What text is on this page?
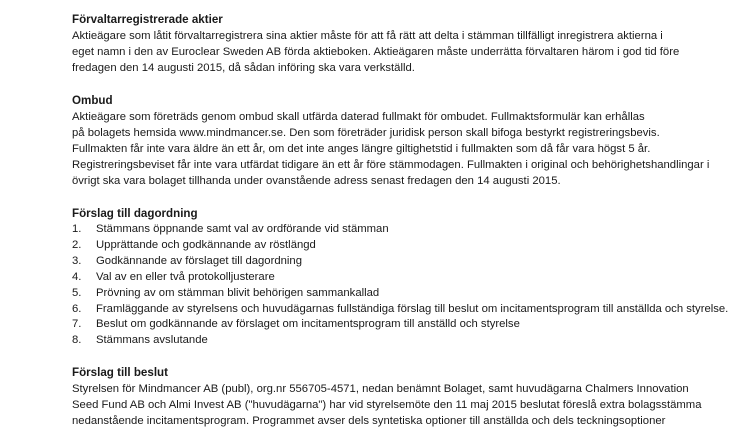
Förvaltarregistrerade aktier

Aktieägare som låtit förvaltarregistrera sina aktier måste för att få rätt att delta i stämman tillfälligt inregistrera aktierna i
eget namn i den av Euroclear Sweden AB förda aktieboken. Aktieägaren måste underrätta förvaltaren härom i god tid före
fredagen den 14 augusti 2015, då sådan införing ska vara verkställd.

Ombud

Aktieägare som företräds genom ombud skall utfärda daterad fullmakt för ombudet. Fullmaktsformulär kan erhållas
på bolagets hemsida www.mindmancer.se. Den som företräder juridisk person skall bifoga bestyrkt registreringsbevis.
Fullmakten får inte vara äldre än ett år, om det inte anges längre giltighetstid i fullmakten som då får vara högst 5 år.
Registreringsbeviset får inte vara utfärdat tidigare än ett år före stämmodagen. Fullmakten i original och behörighetshandlingar i
övrigt ska vara bolaget tillhanda under ovanstående adress senast fredagen den 14 augusti 2015.

Förslag till dagordning
1.	Stämmans öppnande samt val av ordförande vid stämman
2.	Upprättande och godkännande av röstlängd
3.	Godkännande av förslaget till dagordning
4.	Val av en eller två protokolljusterare
5.	Prövning av om stämman blivit behörigen sammankallad
6.	Framläggande av styrelsens och huvudägarnas fullständiga förslag till beslut om incitamentsprogram till anställda och styrelse.
7.	Beslut om godkännande av förslaget om incitamentsprogram till anställd och styrelse
8.	Stämmans avslutande
Förslag till beslut

Styrelsen för Mindmancer AB (publ), org.nr 556705-4571, nedan benämnt Bolaget, samt huvudägarna Chalmers Innovation
Seed Fund AB och Almi Invest AB ("huvudägarna") har vid styrelsemöte den 11 maj 2015 beslutat föreslå extra bolagsstämma
nedanstående incitamentsprogram. Programmet avser dels syntetiska optioner till anställda och dels teckningsoptioner
